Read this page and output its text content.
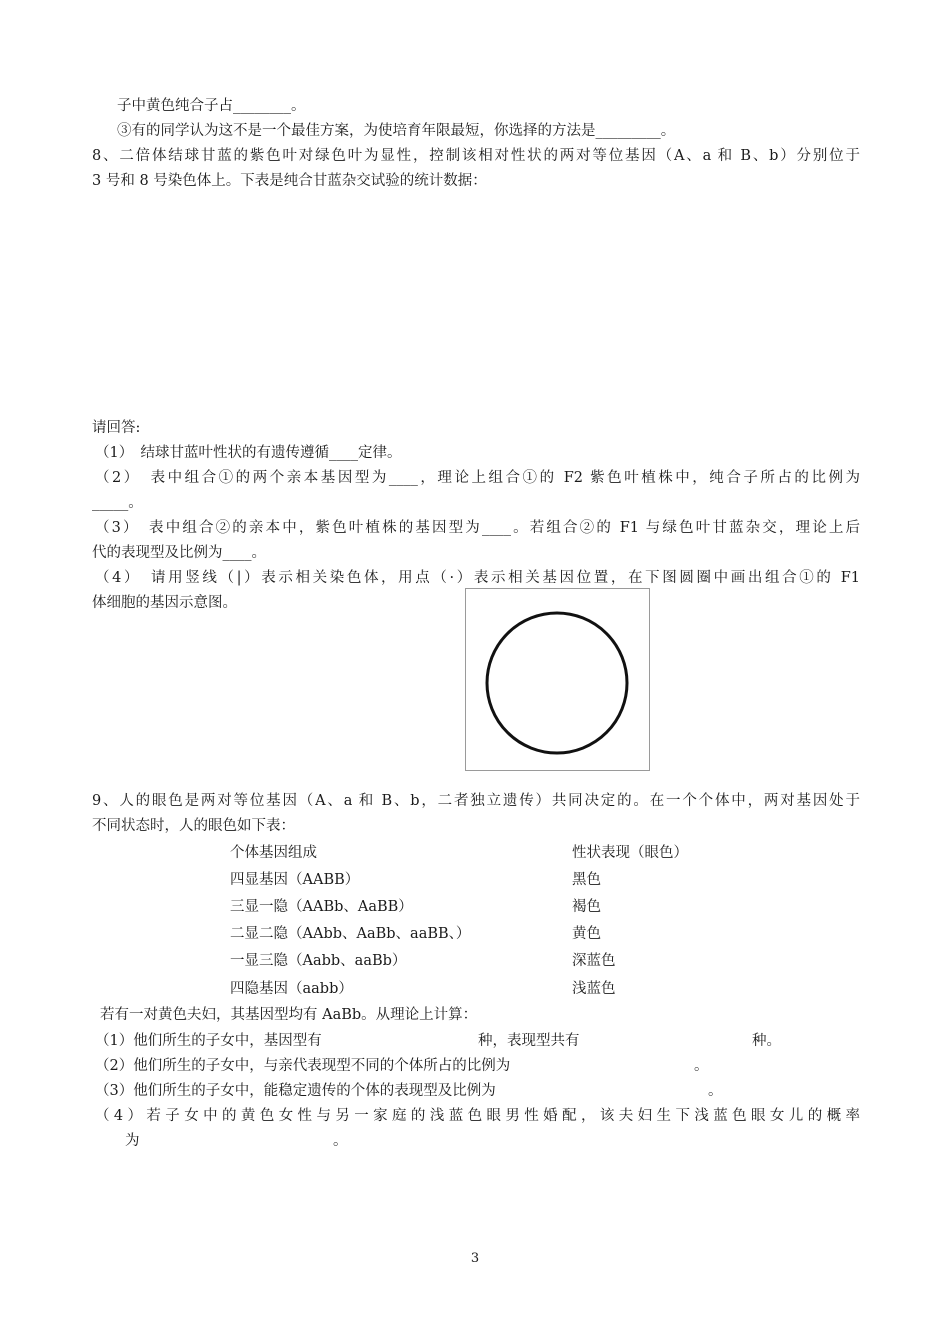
子中黄色纯合子占________。
③有的同学认为这不是一个最佳方案，为使培育年限最短，你选择的方法是_________。
8、二倍体结球甘蓝的紫色叶对绿色叶为显性，控制该相对性状的两对等位基因（A、a 和 B、b）分别位于
3 号和 8 号染色体上。下表是纯合甘蓝杂交试验的统计数据：
请回答:
（1）　结球甘蓝叶性状的有遗传遵循____定律。
（2）　表中组合①的两个亲本基因型为____，理论上组合①的 F2 紫色叶植株中，纯合子所占的比例为
_____。
（3）　表中组合②的亲本中，紫色叶植株的基因型为____。若组合②的 F1 与绿色叶甘蓝杂交，理论上后
代的表现型及比例为____。
（4）　请用竖线（|）表示相关染色体，用点（·）表示相关基因位置，在下图圆圈中画出组合①的 F1
体细胞的基因示意图。
9、人的眼色是两对等位基因（A、a 和 B、b，二者独立遗传）共同决定的。在一个个体中，两对基因处于
不同状态时，人的眼色如下表：
个体基因组成	性状表现（眼色）
四显基因（AABB）	黑色
三显一隐（AABb、AaBB）	褐色
二显二隐（AAbb、AaBb、aaBB、）	黄色
一显三隐（Aabb、aaBb）	深蓝色
四隐基因（aabb）	浅蓝色
若有一对黄色夫妇，其基因型均有 AaBb。从理论上计算：
（1）他们所生的子女中，基因型有	种，表现型共有	种。
（2）他们所生的子女中，与亲代表现型不同的个体所占的比例为	。
（3）他们所生的子女中，能稳定遗传的个体的表现型及比例为	。
（4）若子女中的黄色女性与另一家庭的浅蓝色眼男性婚配，该夫妇生下浅蓝色眼女儿的概率
为	。
3
